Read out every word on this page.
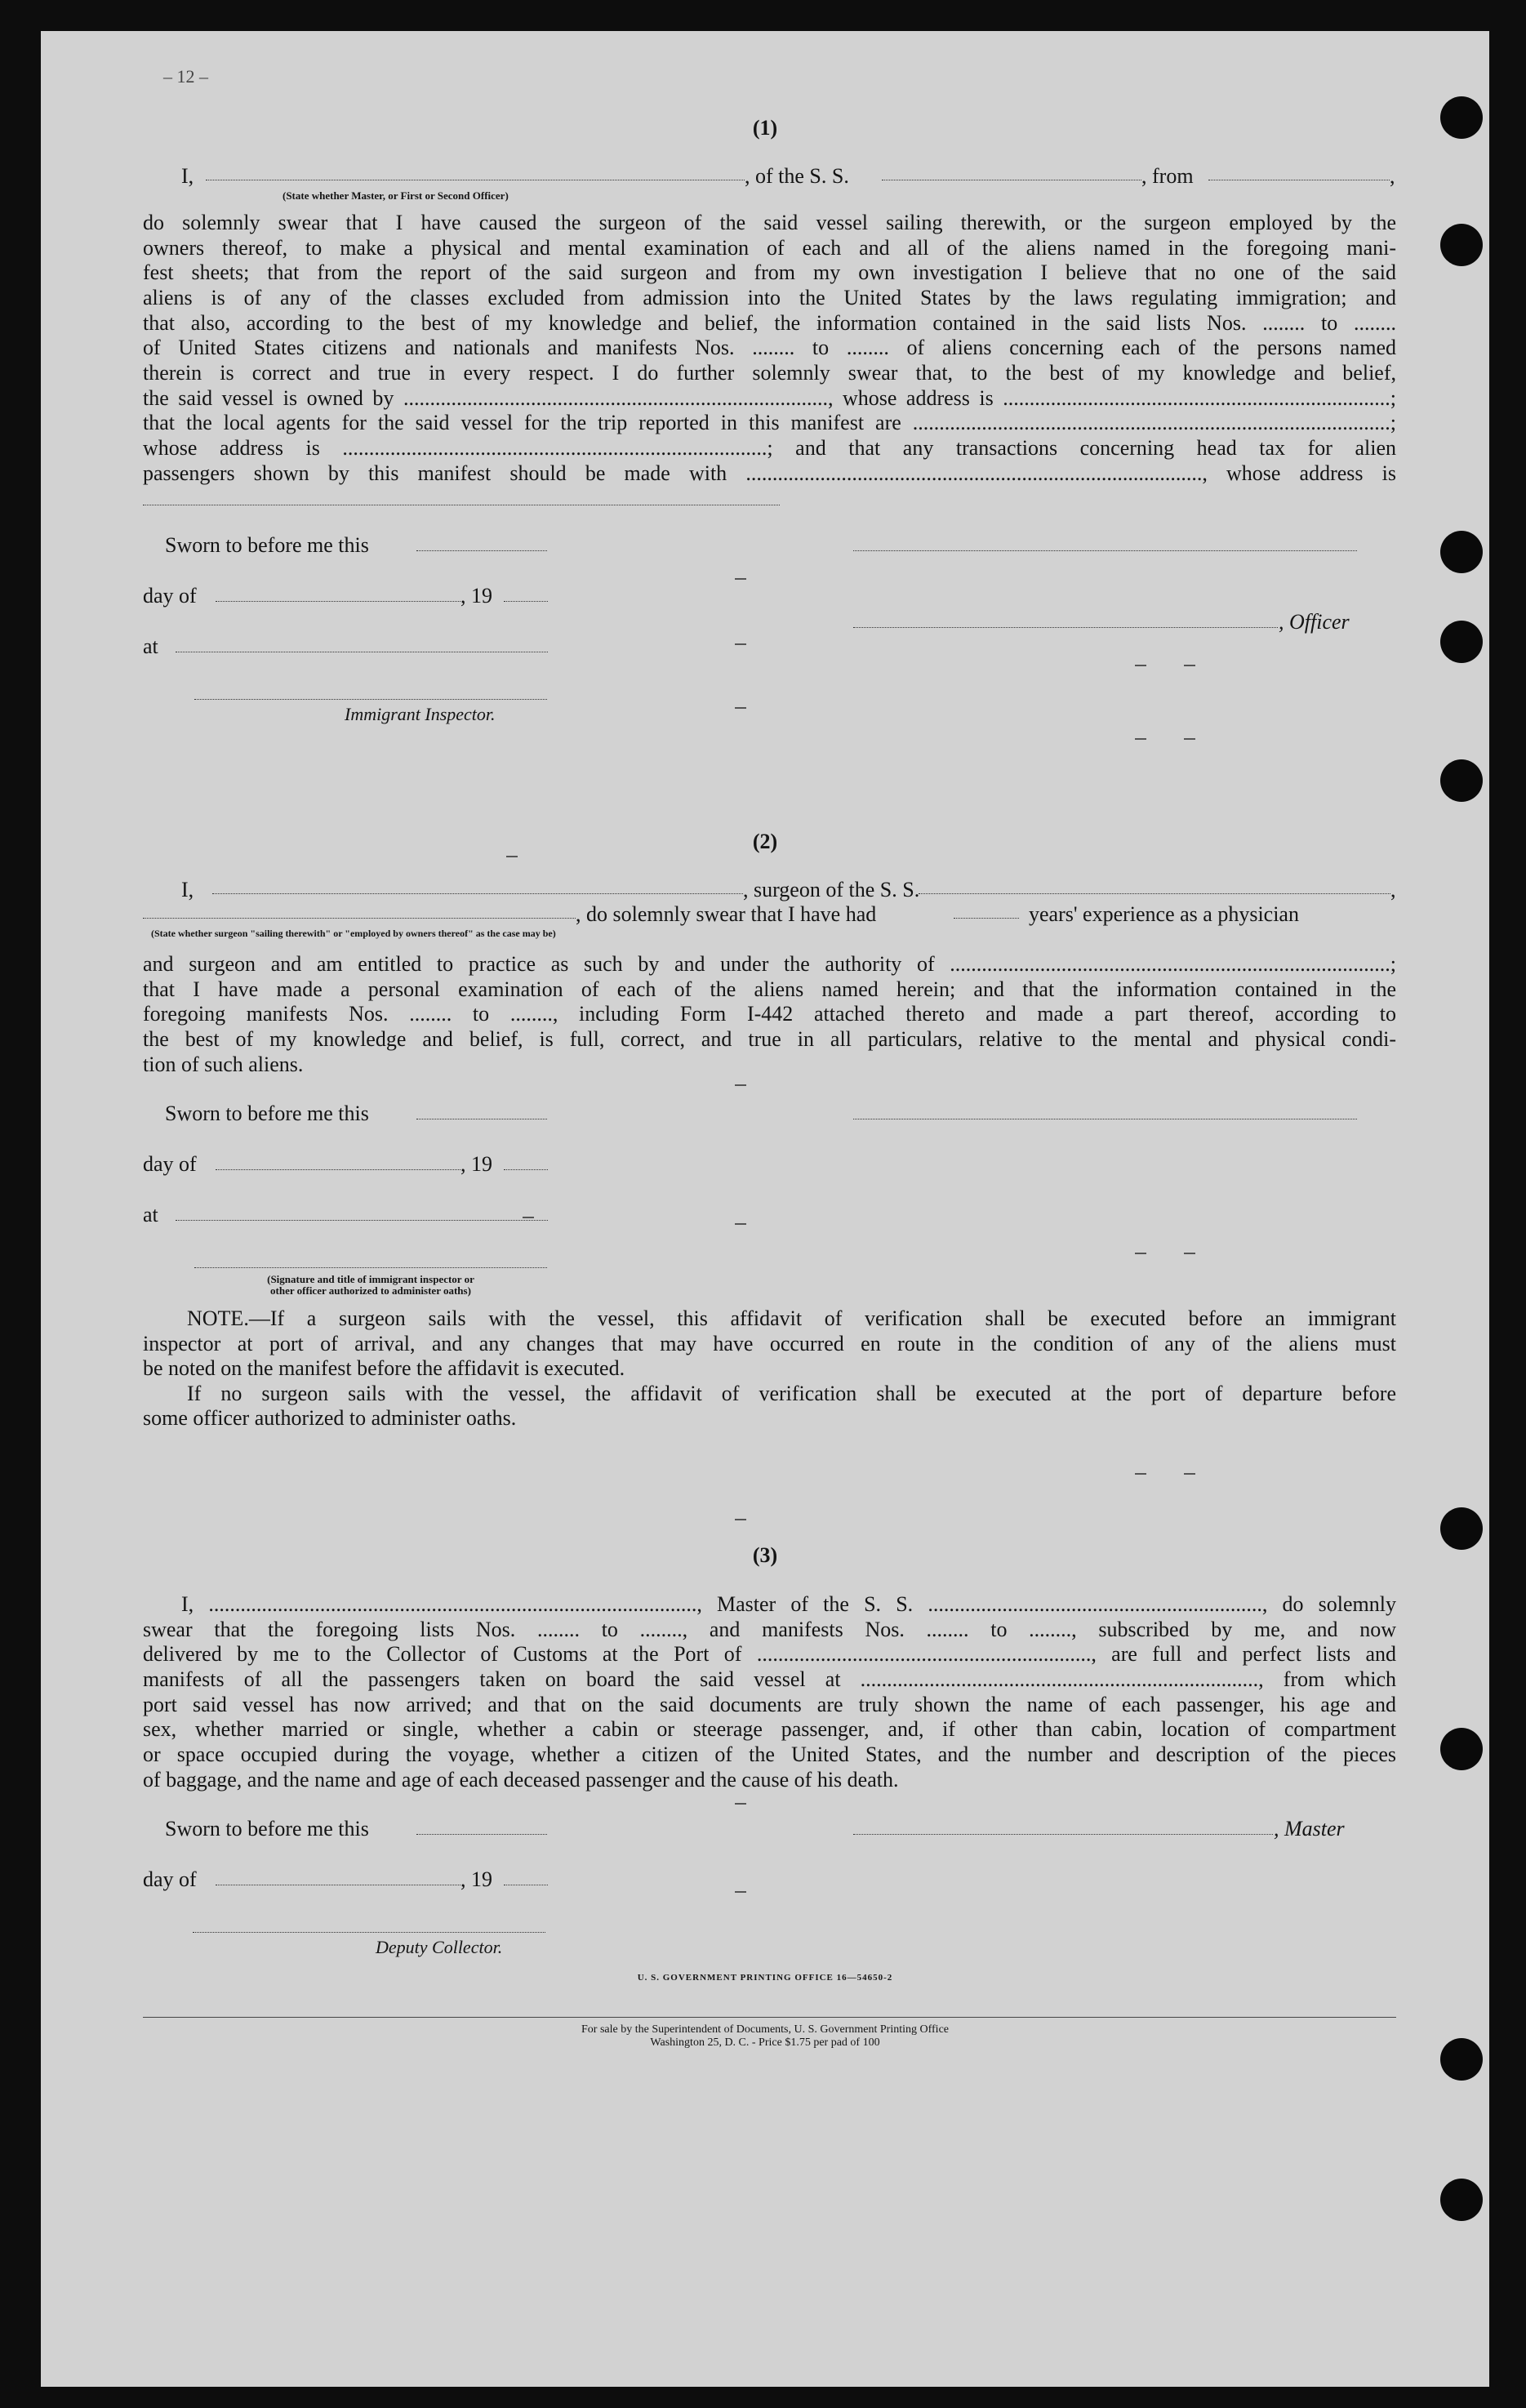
– 12 –
(1)
I,	, of the S. S.	, from	,
(State whether Master, or First or Second Officer)
do solemnly swear that I have caused the surgeon of the said vessel sailing therewith, or the surgeon employed by the
owners thereof, to make a physical and mental examination of each and all of the aliens named in the foregoing mani-
fest sheets; that from the report of the said surgeon and from my own investigation I believe that no one of the said
aliens is of any of the classes excluded from admission into the United States by the laws regulating immigration; and
that also, according to the best of my knowledge and belief, the information contained in the said lists Nos. ........ to ........
of United States citizens and nationals and manifests Nos. ........ to ........ of aliens concerning each of the persons named
therein is correct and true in every respect. I do further solemnly swear that, to the best of my knowledge and belief,
the said vessel is owned by ................................................................................, whose address is .........................................................................;
that the local agents for the said vessel for the trip reported in this manifest are ..........................................................................................;
whose address is ................................................................................; and that any transactions concerning head tax for alien
passengers shown by this manifest should be made with ......................................................................................, whose address is
Sworn to before me this
day of	, 19
, Officer
at
Immigrant Inspector.
(2)
I,	, surgeon of the S. S.	,
, do solemnly swear that I have had	years' experience as a physician
(State whether surgeon "sailing therewith" or "employed by owners thereof" as the case may be)
and surgeon and am entitled to practice as such by and under the authority of ...................................................................................;
that I have made a personal examination of each of the aliens named herein; and that the information contained in the
foregoing manifests Nos. ........ to ........, including Form I-442 attached thereto and made a part thereof, according to
the best of my knowledge and belief, is full, correct, and true in all particulars, relative to the mental and physical condi-
tion of such aliens.
Sworn to before me this
day of	, 19
at
(Signature and title of immigrant inspector or
other officer authorized to administer oaths)
NOTE.—If a surgeon sails with the vessel, this affidavit of verification shall be executed before an immigrant
inspector at port of arrival, and any changes that may have occurred en route in the condition of any of the aliens must
be noted on the manifest before the affidavit is executed.
If no surgeon sails with the vessel, the affidavit of verification shall be executed at the port of departure before
some officer authorized to administer oaths.
(3)
I, ............................................................................................, Master of the S. S. ..............................................................., do solemnly
swear that the foregoing lists Nos. ........ to ........, and manifests Nos. ........ to ........, subscribed by me, and now
delivered by me to the Collector of Customs at the Port of ..............................................................., are full and perfect lists and
manifests of all the passengers taken on board the said vessel at ..........................................................................., from which
port said vessel has now arrived; and that on the said documents are truly shown the name of each passenger, his age and
sex, whether married or single, whether a cabin or steerage passenger, and, if other than cabin, location of compartment
or space occupied during the voyage, whether a citizen of the United States, and the number and description of the pieces
of baggage, and the name and age of each deceased passenger and the cause of his death.
Sworn to before me this	, Master
day of	, 19
Deputy Collector.
U. S. GOVERNMENT PRINTING OFFICE 16—54650-2
For sale by the Superintendent of Documents, U. S. Government Printing Office
Washington 25, D. C. - Price $1.75 per pad of 100
